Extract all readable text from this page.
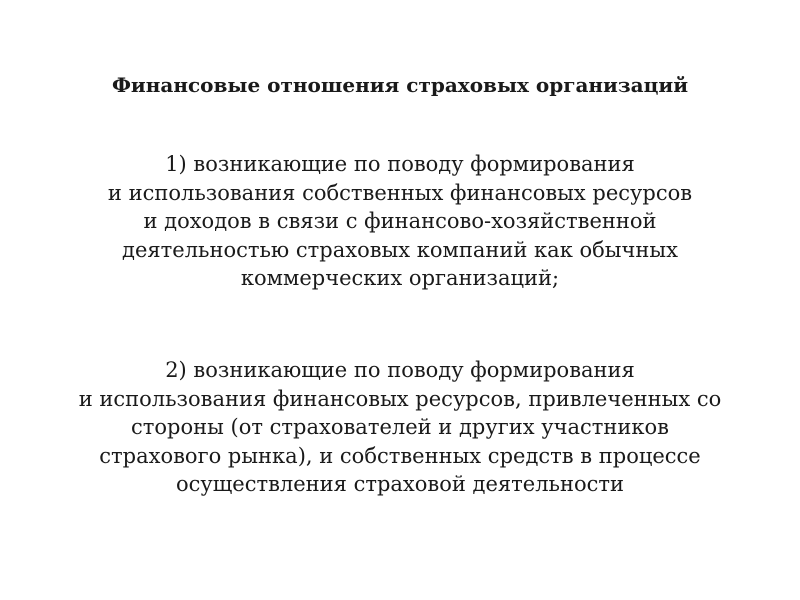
Финансовые отношения страховых организаций
1) возникающие по поводу формирования
и использования собственных финансовых ресурсов
и доходов в связи с финансово-хозяйственной
деятельностью страховых компаний как обычных
коммерческих организаций;
2) возникающие по поводу формирования
и использования финансовых ресурсов, привлеченных со
стороны (от страхователей и других участников
страхового рынка), и собственных средств в процессе
осуществления страховой деятельности
